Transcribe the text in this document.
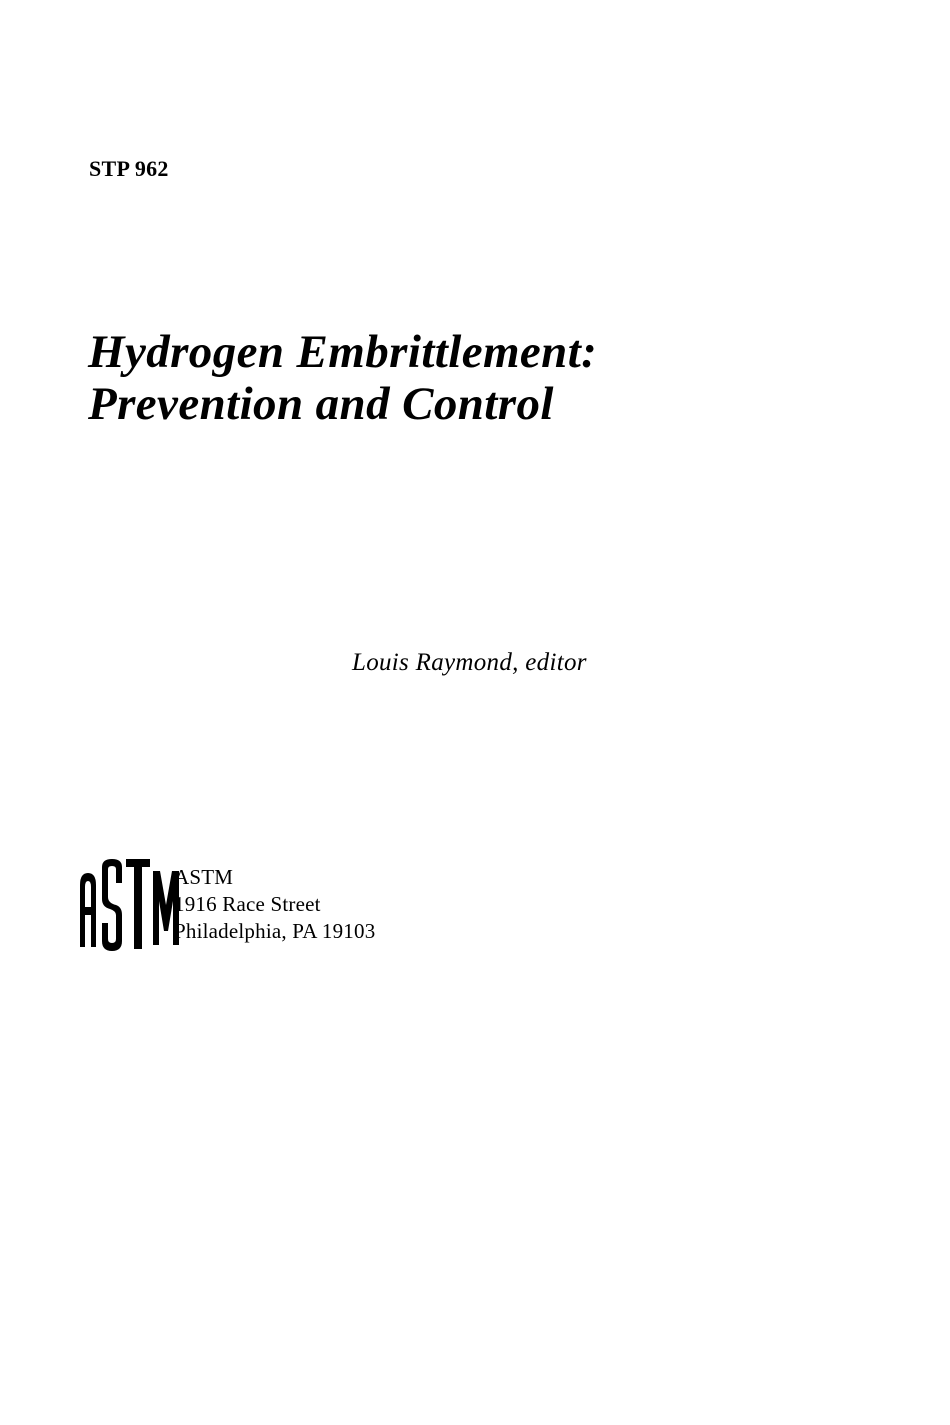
STP 962
Hydrogen Embrittlement:
Prevention and Control
Louis Raymond, editor
ASTM
1916 Race Street
Philadelphia, PA 19103
